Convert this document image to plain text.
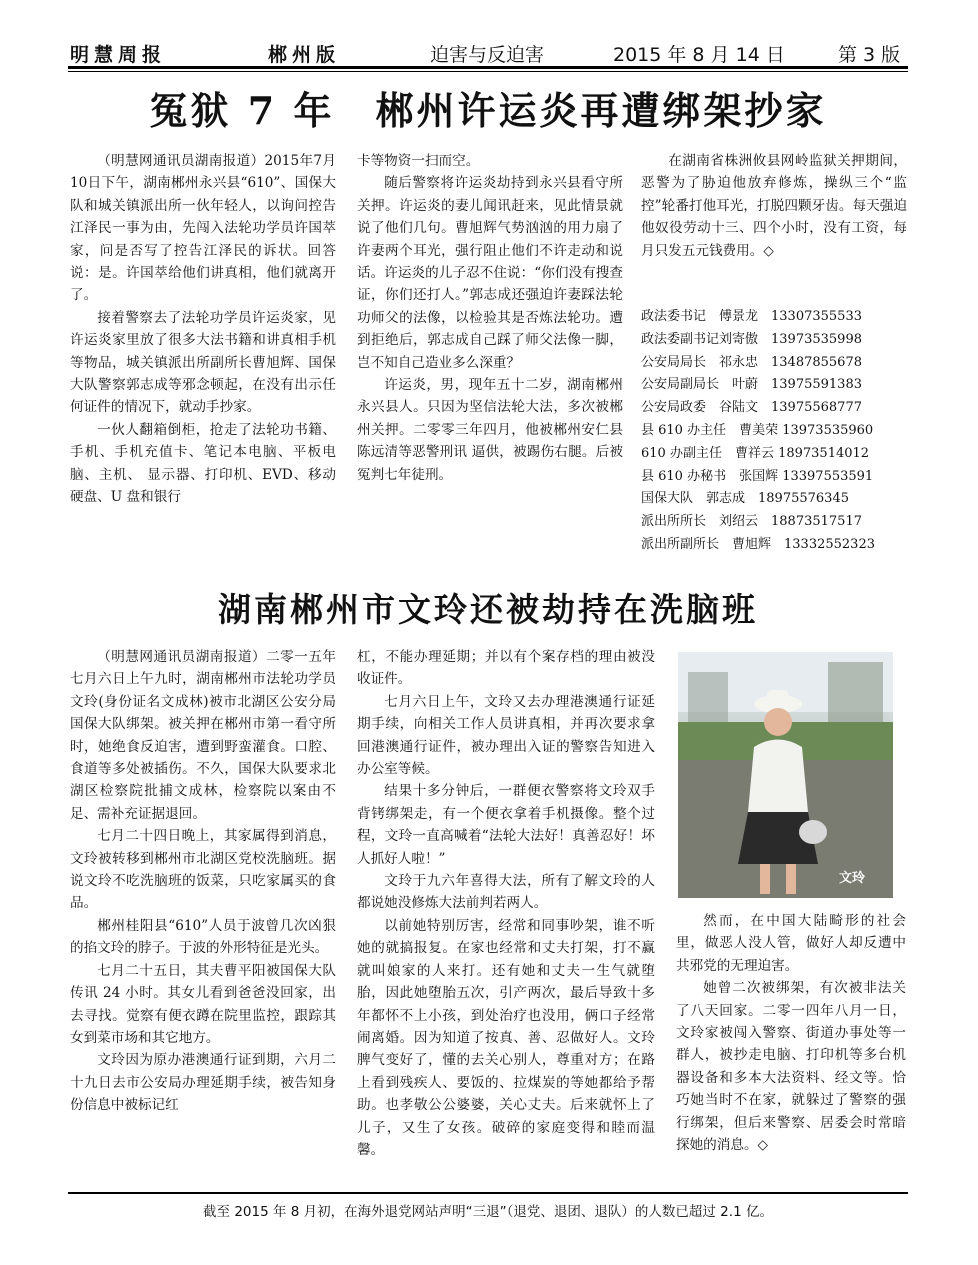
明慧周报	郴州版	迫害与反迫害	2015 年 8 月 14 日	第 3 版
冤狱 7 年　郴州许运炎再遭绑架抄家

（明慧网通讯员湖南报道）2015年7月10日下午，湖南郴州永兴县“610”、国保大队和城关镇派出所一伙年轻人，以询问控告江泽民一事为由，先闯入法轮功学员许国萃家，问是否写了控告江泽民的诉状。回答说：是。许国萃给他们讲真相，他们就离开了。

接着警察去了法轮功学员许运炎家，见许运炎家里放了很多大法书籍和讲真相手机等物品，城关镇派出所副所长曹旭辉、国保大队警察郭志成等邪念顿起，在没有出示任何证件的情况下，就动手抄家。

一伙人翻箱倒柜，抢走了法轮功书籍、手机、手机充值卡、笔记本电脑、平板电脑、主机、 显示器、打印机、EVD、移动硬盘、U 盘和银行

卡等物资一扫而空。

随后警察将许运炎劫持到永兴县看守所关押。许运炎的妻儿闻讯赶来，见此情景就说了他们几句。曹旭辉气势汹汹的用力扇了许妻两个耳光，强行阻止他们不许走动和说话。许运炎的儿子忍不住说：“你们没有搜查证，你们还打人。”郭志成还强迫许妻踩法轮功师父的法像，以检验其是否炼法轮功。遭到拒绝后，郭志成自己踩了师父法像一脚，岂不知自己造业多么深重？

许运炎，男，现年五十二岁，湖南郴州永兴县人。只因为坚信法轮大法，多次被郴州关押。二零零三年四月，他被郴州安仁县陈远清等恶警刑讯 逼供，被踢伤右腿。后被冤判七年徒刑。

在湖南省株洲攸县网岭监狱关押期间，恶警为了胁迫他放弃修炼，操纵三个“监控”轮番打他耳光，打脱四颗牙齿。每天强迫他奴役劳动十三、四个小时，没有工资，每月只发五元钱费用。◇

政法委书记　傅景龙　13307355533
政法委副书记刘寄傲　13973535998
公安局局长　祁永忠　13487855678
公安局副局长　叶蔚　13975591383
公安局政委　谷陆文　13975568777
县 610 办主任　曹美荣 13973535960
610 办副主任　曹祥云 18973514012
县 610 办秘书　张国辉 13397553591
国保大队　郭志成　18975576345
派出所所长　刘绍云　18873517517
派出所副所长　曹旭辉　13332552323
湖南郴州市文玲还被劫持在洗脑班

（明慧网通讯员湖南报道）二零一五年七月六日上午九时，湖南郴州市法轮功学员文玲(身份证名文成林)被市北湖区公安分局国保大队绑架。被关押在郴州市第一看守所时，她绝食反迫害，遭到野蛮灌食。口腔、食道等多处被插伤。不久，国保大队要求北湖区检察院批捕文成林，检察院以案由不足、需补充证据退回。

七月二十四日晚上，其家属得到消息，文玲被转移到郴州市北湖区党校洗脑班。据说文玲不吃洗脑班的饭菜，只吃家属买的食品。

郴州桂阳县“610”人员于波曾几次凶狠的掐文玲的脖子。于波的外形特征是光头。

七月二十五日，其夫曹平阳被国保大队传讯 24 小时。其女儿看到爸爸没回家，出去寻找。觉察有便衣蹲在院里监控，跟踪其女到菜市场和其它地方。

文玲因为原办港澳通行证到期，六月二十九日去市公安局办理延期手续，被告知身份信息中被标记红

杠，不能办理延期；并以有个案存档的理由被没收证件。

七月六日上午，文玲又去办理港澳通行证延期手续，向相关工作人员讲真相，并再次要求拿回港澳通行证件，被办理出入证的警察告知进入办公室等候。

结果十多分钟后，一群便衣警察将文玲双手背铐绑架走，有一个便衣拿着手机摄像。整个过程，文玲一直高喊着“法轮大法好！真善忍好！坏人抓好人啦！”

文玲于九六年喜得大法，所有了解文玲的人都说她没修炼大法前判若两人。

以前她特别厉害，经常和同事吵架，谁不听她的就搞报复。在家也经常和丈夫打架，打不赢就叫娘家的人来打。还有她和丈夫一生气就堕胎，因此她堕胎五次，引产两次，最后导致十多年都怀不上小孩，到处治疗也没用，俩口子经常闹离婚。因为知道了按真、善、忍做好人。文玲脾气变好了，懂的去关心别人，尊重对方；在路上看到残疾人、要饭的、拉煤炭的等她都给予帮助。也孝敬公公婆婆，关心丈夫。后来就怀上了儿子，又生了女孩。破碎的家庭变得和睦而温馨。

文玲

然而，在中国大陆畸形的社会里，做恶人没人管，做好人却反遭中共邪党的无理迫害。

她曾二次被绑架，有次被非法关了八天回家。二零一四年八月一日，文玲家被闯入警察、街道办事处等一群人，被抄走电脑、打印机等多台机器设备和多本大法资料、经文等。恰巧她当时不在家，就躲过了警察的强行绑架，但后来警察、居委会时常暗探她的消息。◇

截至 2015 年 8 月初，在海外退党网站声明“三退”（退党、退团、退队）的人数已超过 2.1 亿。
